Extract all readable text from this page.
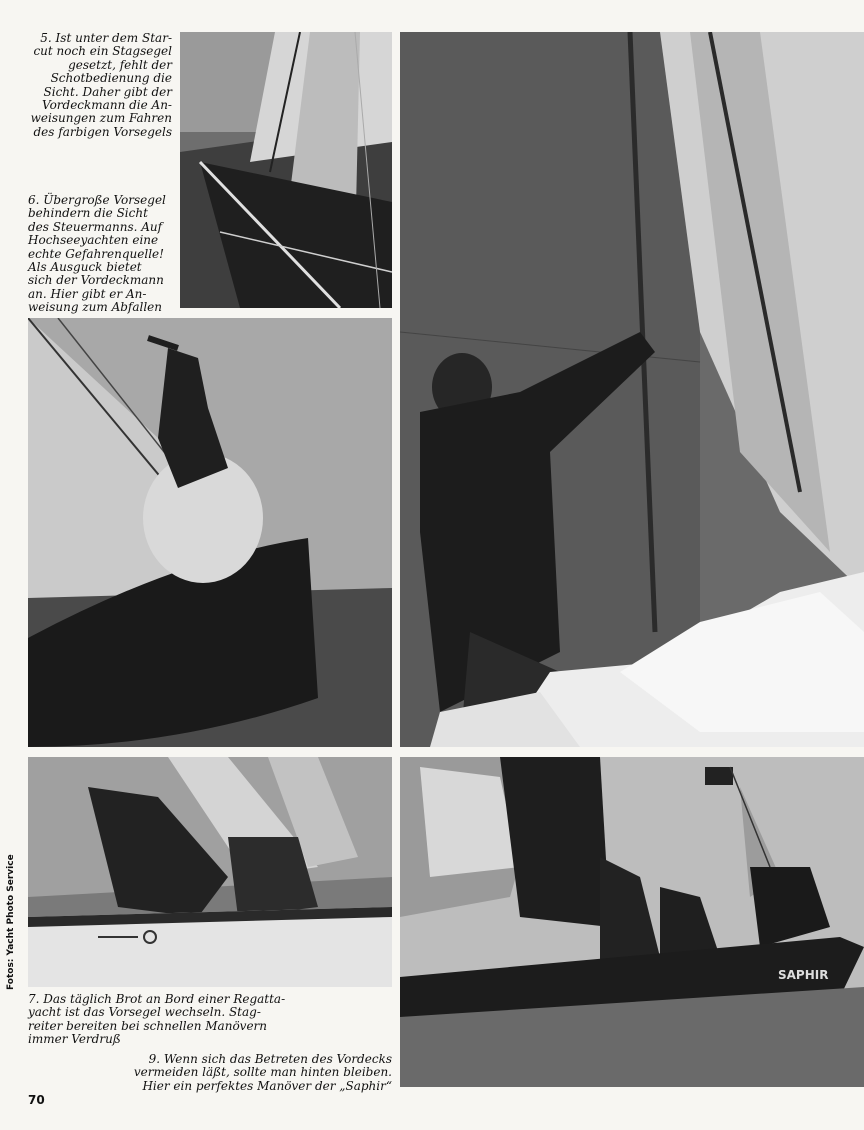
SAPHIR
5. Ist unter dem Star-
cut noch ein Stagsegel
gesetzt, fehlt der
Schotbedienung die
Sicht. Daher gibt der
Vordeckmann die An-
weisungen zum Fahren
des farbigen Vorsegels
6. Übergroße Vorsegel
behindern die Sicht
des Steuermanns. Auf
Hochseeyachten eine
echte Gefahrenquelle!
Als Ausguck bietet
sich der Vordeckmann
an. Hier gibt er An-
weisung zum Abfallen
7. Das täglich Brot an Bord einer Regatta-
yacht ist das Vorsegel wechseln. Stag-
reiter bereiten bei schnellen Manövern
immer Verdruß
9. Wenn sich das Betreten des Vordecks
vermeiden läßt, sollte man hinten bleiben.
Hier ein perfektes Manöver der „Saphir“
Fotos: Yacht Photo Service
70
